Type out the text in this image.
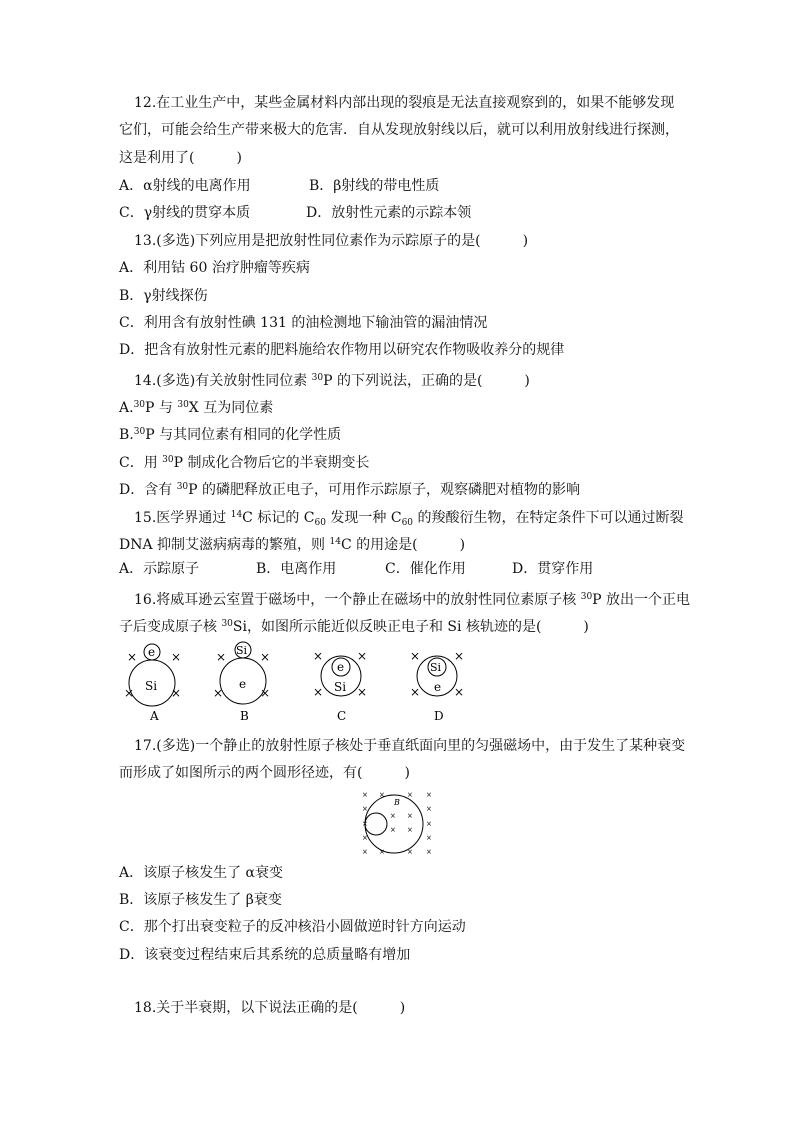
12.在工业生产中，某些金属材料内部出现的裂痕是无法直接观察到的，如果不能够发现
它们，可能会给生产带来极大的危害．自从发现放射线以后，就可以利用放射线进行探测，
这是利用了(　　　)
A．α射线的电离作用	B．β射线的带电性质
C．γ射线的贯穿本质	D．放射性元素的示踪本领
13.(多选)下列应用是把放射性同位素作为示踪原子的是(　　　)
A．利用钴 60 治疗肿瘤等疾病
B．γ射线探伤
C．利用含有放射性碘 131 的油检测地下输油管的漏油情况
D．把含有放射性元素的肥料施给农作物用以研究农作物吸收养分的规律
14.(多选)有关放射性同位素 $^{30}$P 的下列说法，正确的是(　　　)
A.$^{30}$P 与 $^{30}$X 互为同位素
B.$^{30}$P 与其同位素有相同的化学性质
C．用 $^{30}$P 制成化合物后它的半衰期变长
D．含有 $^{30}$P 的磷肥释放正电子，可用作示踪原子，观察磷肥对植物的影响
15.医学界通过 $^{14}$C 标记的 $C_{60}$ 发现一种 $C_{60}$ 的羧酸衍生物，在特定条件下可以通过断裂
DNA 抑制艾滋病病毒的繁殖，则 $^{14}$C 的用途是(　　　)
A．示踪原子	B．电离作用	C．催化作用	D．贯穿作用
16.将威耳逊云室置于磁场中，一个静止在磁场中的放射性同位素原子核 $^{30}$P 放出一个正电
子后变成原子核 $^{30}$Si，如图所示能近似反映正电子和 Si 核轨迹的是(　　　)
×	×
×	×
e
Si
A
×	×
×	×
Si
e
B
×	×
×	×
e
Si
C
×	×
×	×
Si
e
D
17.(多选)一个静止的放射性原子核处于垂直纸面向里的匀强磁场中，由于发生了某种衰变
而形成了如图所示的两个圆形径迹，有(　　　)
× ×	× ×
×	×
× ×
×	×
× ×
×	×
× ×	× ×
B
A．该原子核发生了 α衰变
B．该原子核发生了 β衰变
C．那个打出衰变粒子的反冲核沿小圆做逆时针方向运动
D．该衰变过程结束后其系统的总质量略有增加
18.关于半衰期，以下说法正确的是(　　　)
